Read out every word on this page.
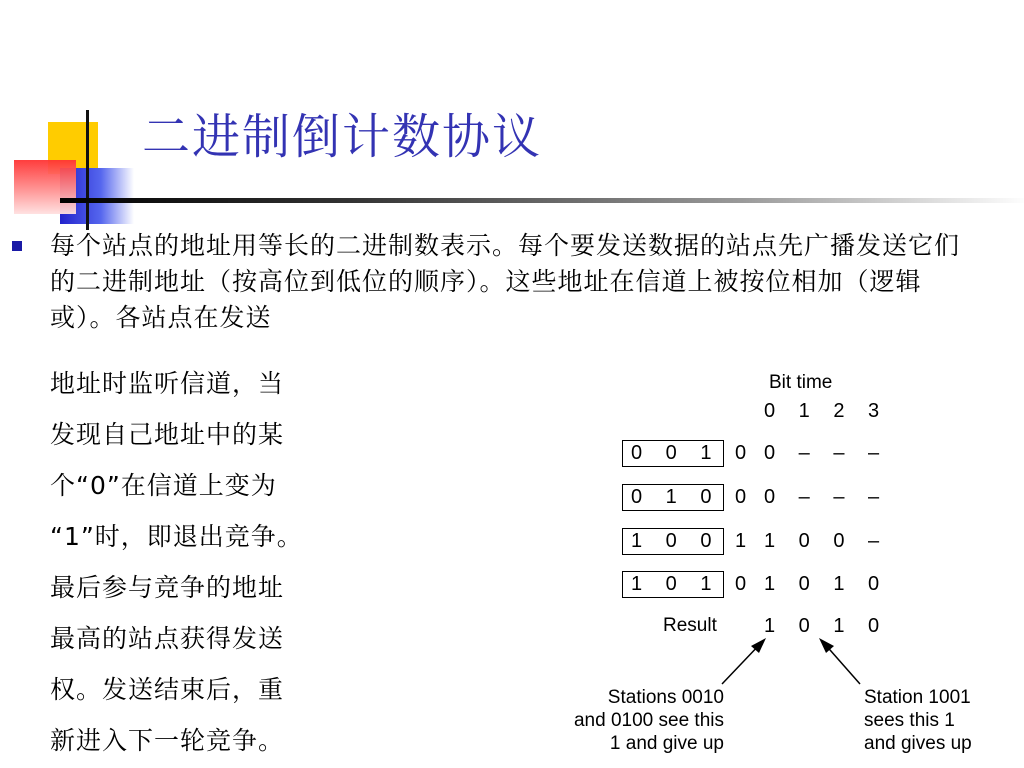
二进制倒计数协议
每个站点的地址用等长的二进制数表示。每个要发送数据的站点先广播发送它们的二进制地址（按高位到低位的顺序）。这些地址在信道上被按位相加（逻辑或）。各站点在发送
地址时监听信道，当
发现自己地址中的某
个“0”在信道上变为
“1”时，即退出竞争。
最后参与竞争的地址
最高的站点获得发送
权。发送结束后，重
新进入下一轮竞争。
Bit time
0 1 2 3
0 0 1 0 0 – – –
0 1 0 0 0 – – –
1 0 0 1 1 0 0 –
1 0 1 0 1 0 1 0
Result 1 0 1 0
Stations 0010
and 0100 see this
1 and give up
Station 1001
sees this 1
and gives up
